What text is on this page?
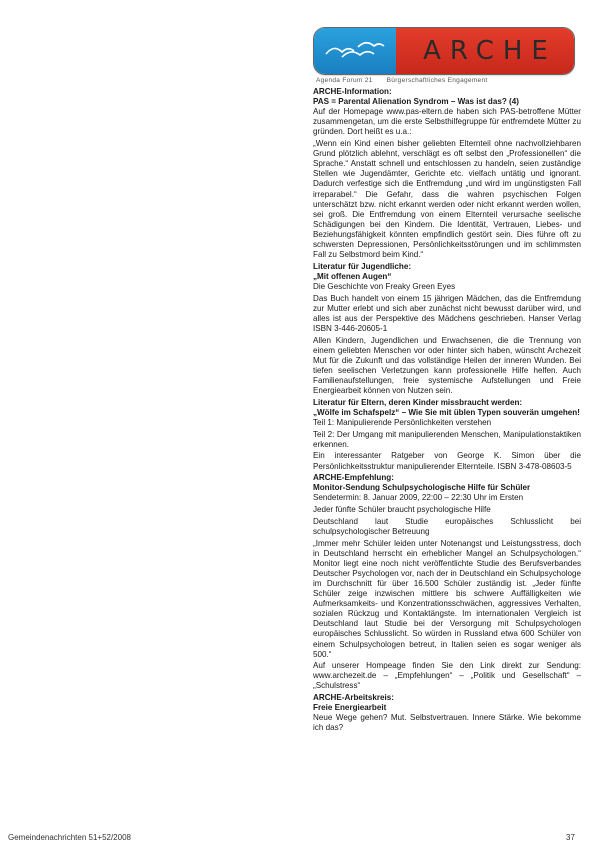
ARCHE
Agenda Forum 21 Bürgerschaftliches Engagement
ARCHE-Information:
PAS = Parental Alienation Syndrom – Was ist das? (4)

Auf der Homepage www.pas-eltern.de haben sich PAS-betroffene Mütter zusammengetan, um die erste Selbsthilfegruppe für entfremdete Mütter zu gründen. Dort heißt es u.a.:

„Wenn ein Kind einen bisher geliebten Elternteil ohne nachvollziehbaren Grund plötzlich ablehnt, verschlägt es oft selbst den „Professionellen“ die Sprache.“ Anstatt schnell und entschlossen zu handeln, seien zuständige Stellen wie Jugendämter, Gerichte etc. vielfach untätig und ignorant. Dadurch verfestige sich die Entfremdung „und wird im ungünstigsten Fall irreparabel.“ Die Gefahr, dass die wahren psychischen Folgen unterschätzt bzw. nicht erkannt werden oder nicht erkannt werden wollen, sei groß. Die Entfremdung von einem Elternteil verursache seelische Schädigungen bei den Kindern. Die Identität, Vertrauen, Liebes- und Beziehungsfähigkeit könnten empfindlich gestört sein. Dies führe oft zu schwersten Depressionen, Persönlichkeitsstörungen und im schlimmsten Fall zu Selbstmord beim Kind.“

Literatur für Jugendliche:
„Mit offenen Augen“

Die Geschichte von Freaky Green Eyes

Das Buch handelt von einem 15 jährigen Mädchen, das die Entfremdung zur Mutter erlebt und sich aber zunächst nicht bewusst darüber wird, und alles ist aus der Perspektive des Mädchens geschrieben. Hanser Verlag ISBN 3-446-20605-1

Allen Kindern, Jugendlichen und Erwachsenen, die die Trennung von einem geliebten Menschen vor oder hinter sich haben, wünscht Archezeit Mut für die Zukunft und das vollständige Heilen der inneren Wunden. Bei tiefen seelischen Verletzungen kann professionelle Hilfe helfen. Auch Familienaufstellungen, freie systemische Aufstellungen und Freie Energiearbeit können von Nutzen sein.

Literatur für Eltern, deren Kinder missbraucht werden:
„Wölfe im Schafspelz“ – Wie Sie mit üblen Typen souverän umgehen!

Teil 1: Manipulierende Persönlichkeiten verstehen

Teil 2: Der Umgang mit manipulierenden Menschen, Manipulationstaktiken erkennen.

Ein interessanter Ratgeber von George K. Simon über die Persönlichkeitsstruktur manipulierender Elternteile. ISBN 3-478-08603-5

ARCHE-Empfehlung:
Monitor-Sendung Schulpsychologische Hilfe für Schüler

Sendetermin: 8. Januar 2009, 22:00 – 22:30 Uhr im Ersten

Jeder fünfte Schüler braucht psychologische Hilfe

Deutschland laut Studie europäisches Schlusslicht bei schulpsychologischer Betreuung

„Immer mehr Schüler leiden unter Notenangst und Leistungsstress, doch in Deutschland herrscht ein erheblicher Mangel an Schulpsychologen.“ Monitor liegt eine noch nicht veröffentlichte Studie des Berufsverbandes Deutscher Psychologen vor, nach der in Deutschland ein Schulpsychologe im Durchschnitt für über 16.500 Schüler zuständig ist. „Jeder fünfte Schüler zeige inzwischen mittlere bis schwere Auffälligkeiten wie Aufmerksamkeits- und Konzentrationsschwächen, aggressives Verhalten, sozialen Rückzug und Kontaktängste. Im internationalen Vergleich ist Deutschland laut Studie bei der Versorgung mit Schulpsychologen europäisches Schlusslicht. So würden in Russland etwa 600 Schüler von einem Schulpsychologen betreut, in Italien seien es sogar weniger als 500.“

Auf unserer Hompeage finden Sie den Link direkt zur Sendung: www.archezeit.de – „Empfehlungen“ – „Politik und Gesellschaft“ – „Schulstress“

ARCHE-Arbeitskreis:
Freie Energiearbeit

Neue Wege gehen? Mut. Selbstvertrauen. Innere Stärke. Wie bekomme ich das?

Gemeindenachrichten 51+52/2008	37
